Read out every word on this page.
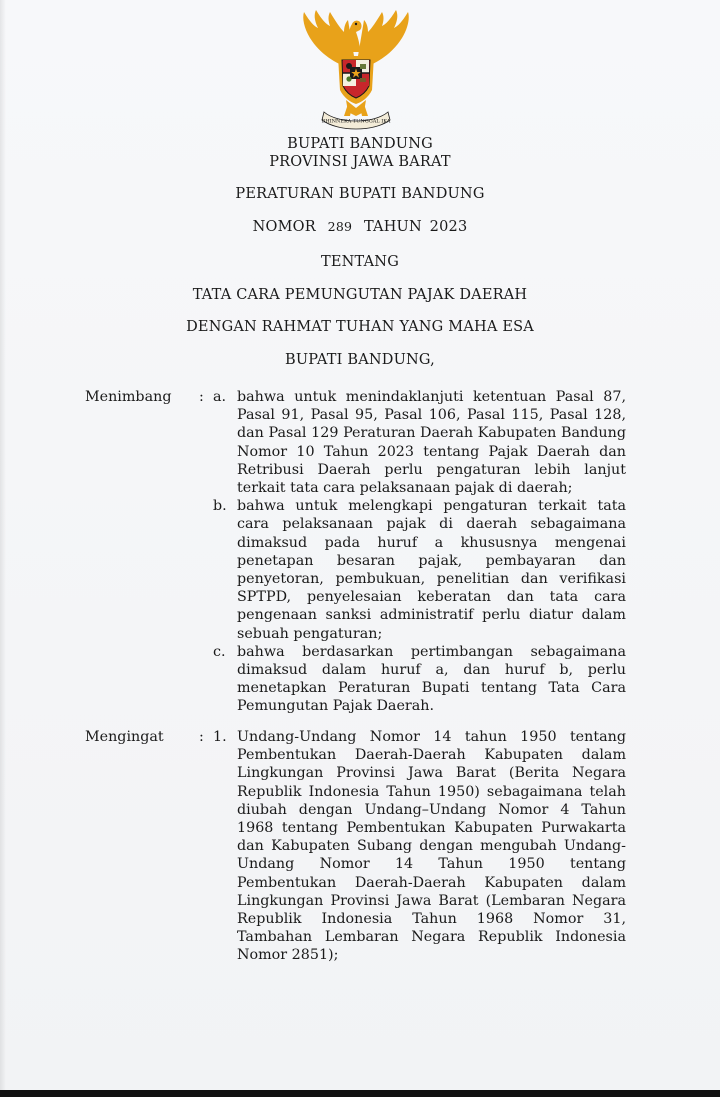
BHINNEKA TUNGGAL IKA

BUPATI BANDUNG

PROVINSI JAWA BARAT

PERATURAN BUPATI BANDUNG

NOMOR 289 TAHUN 2023

TENTANG

TATA CARA PEMUNGUTAN PAJAK DAERAH

DENGAN RAHMAT TUHAN YANG MAHA ESA

BUPATI BANDUNG,

Menimbang : a. bahwa untuk menindaklanjuti ketentuan Pasal 87, Pasal 91, Pasal 95, Pasal 106, Pasal 115, Pasal 128, dan Pasal 129 Peraturan Daerah Kabupaten Bandung Nomor 10 Tahun 2023 tentang Pajak Daerah dan Retribusi Daerah perlu pengaturan lebih lanjut terkait tata cara pelaksanaan pajak di daerah;
b. bahwa untuk melengkapi pengaturan terkait tata cara pelaksanaan pajak di daerah sebagaimana dimaksud pada huruf a khususnya mengenai penetapan besaran pajak, pembayaran dan penyetoran, pembukuan, penelitian dan verifikasi SPTPD, penyelesaian keberatan dan tata cara pengenaan sanksi administratif perlu diatur dalam sebuah pengaturan;
c. bahwa berdasarkan pertimbangan sebagaimana dimaksud dalam huruf a, dan huruf b, perlu menetapkan Peraturan Bupati tentang Tata Cara Pemungutan Pajak Daerah.
Mengingat : 1. Undang-Undang Nomor 14 tahun 1950 tentang Pembentukan Daerah-Daerah Kabupaten dalam Lingkungan Provinsi Jawa Barat (Berita Negara Republik Indonesia Tahun 1950) sebagaimana telah diubah dengan Undang–Undang Nomor 4 Tahun 1968 tentang Pembentukan Kabupaten Purwakarta dan Kabupaten Subang dengan mengubah Undang-Undang Nomor 14 Tahun 1950 tentang Pembentukan Daerah-Daerah Kabupaten dalam Lingkungan Provinsi Jawa Barat (Lembaran Negara Republik Indonesia Tahun 1968 Nomor 31, Tambahan Lembaran Negara Republik Indonesia Nomor 2851);
